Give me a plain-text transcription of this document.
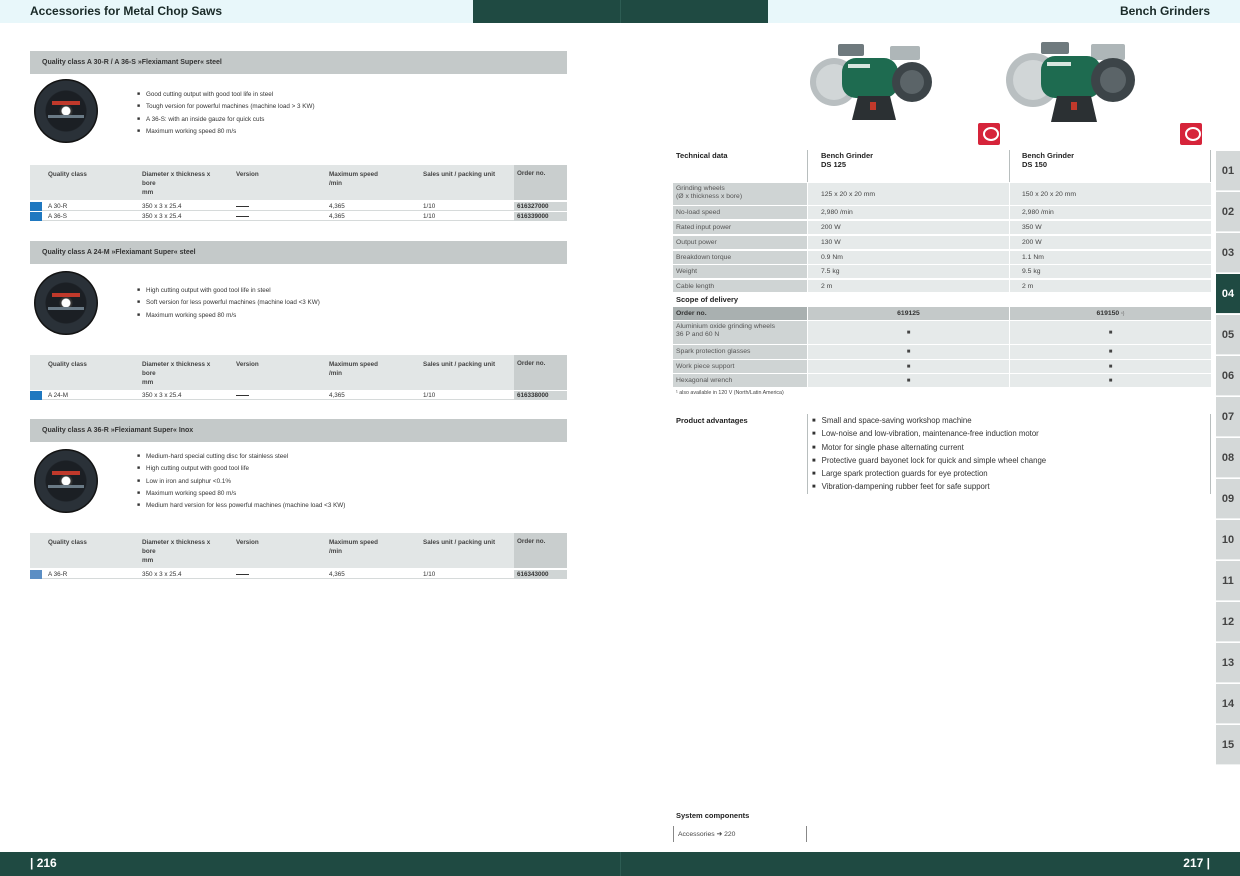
Accessories for Metal Chop Saws	Bench Grinders
Quality class A 30-R / A 36-S »Flexiamant Super« steel
■ Good cutting output with good tool life in steel
■ Tough version for powerful machines (machine load > 3 KW)
■ A 36-S: with an inside gauze for quick cuts
■ Maximum working speed 80 m/s
Quality class	Diameter x thickness x
bore
mm
Version	Maximum speed
/min
Sales unit / packing unit	Order no.
A 30-R	350 x 3 x 25.4	4,365	1/10	616327000
A 36-S	350 x 3 x 25.4	4,365	1/10	616339000
Quality class A 24-M »Flexiamant Super« steel
■ High cutting output with good tool life in steel
■ Soft version for less powerful machines (machine load <3 KW)
■ Maximum working speed 80 m/s
Quality class	Diameter x thickness x
bore
mm
Version	Maximum speed
/min
Sales unit / packing unit	Order no.
A 24-M	350 x 3 x 25.4	4,365	1/10	616338000
Quality class A 36-R »Flexiamant Super« Inox
■ Medium-hard special cutting disc for stainless steel
■ High cutting output with good tool life
■ Low in iron and sulphur <0.1%
■ Maximum working speed 80 m/s
■ Medium hard version for less powerful machines (machine load <3 KW)
Quality class	Diameter x thickness x
bore
mm
Version	Maximum speed
/min
Sales unit / packing unit	Order no.
A 36-R	350 x 3 x 25.4	4,365	1/10	616343000
Technical data	Bench Grinder
DS 125
Bench Grinder
DS 150
Grinding wheels
(Ø x thickness x bore)	125 x 20 x 20 mm	150 x 20 x 20 mm
No-load speed	2,980 /min	2,980 /min
Rated input power	200 W	350 W
Output power	130 W	200 W
Breakdown torque	0.9 Nm	1.1 Nm
Weight	7.5 kg	9.5 kg
Cable length	2 m	2 m
Scope of delivery
Order no.	619125	619150 ¹)
Aluminium oxide grinding wheels
36 P and 60 N	■	■
Spark protection glasses	■	■
Work piece support	■	■
Hexagonal wrench	■	■
¹ also available in 120 V (North/Latin America)
Product advantages
■	Small and space-saving workshop machine
■ Low-noise and low-vibration, maintenance-free induction motor
■ Motor for single phase alternating current
■ Protective guard bayonet lock for quick and simple wheel change
■ Large spark protection guards for eye protection
■ Vibration-dampening rubber feet for safe support
System components
Accessories ➜ 220
01
02
03
04
05
06
07
08
09
10
11
12
13
14
15
| 216	217 |
